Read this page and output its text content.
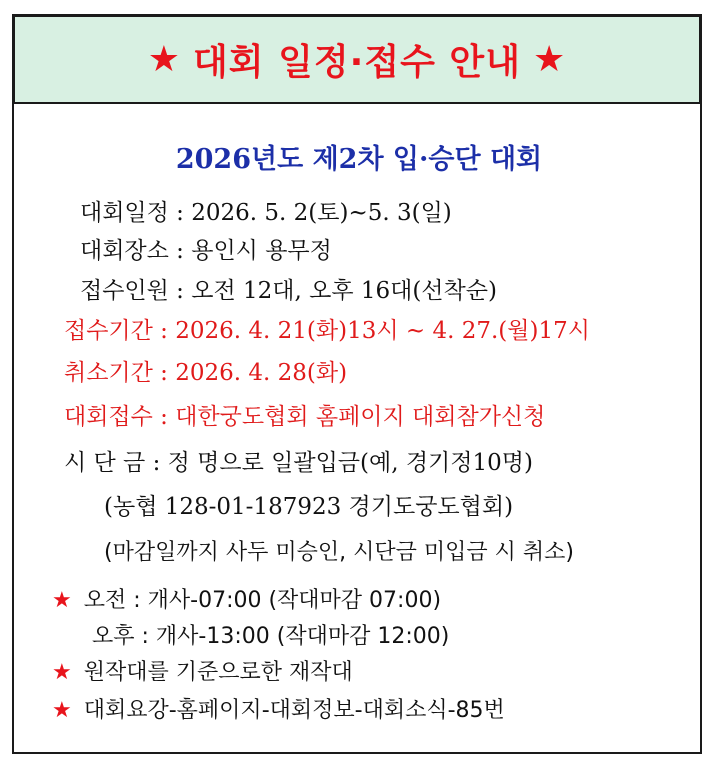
★ 대회 일정·접수 안내 ★
2026년도 제2차 입·승단 대회
대회일정 : 2026. 5. 2(토)~5. 3(일)
대회장소 : 용인시 용무정
접수인원 : 오전 12대, 오후 16대(선착순)
접수기간 : 2026. 4. 21(화)13시 ~ 4. 27.(월)17시
취소기간 : 2026. 4. 28(화)
대회접수 : 대한궁도협회 홈페이지 대회참가신청
시 단 금 : 정 명으로 일괄입금(예, 경기정10명)
(농협 128-01-187923 경기도궁도협회)
(마감일까지 사두 미승인, 시단금 미입금 시 취소)
★ 오전 : 개사-07:00 (작대마감 07:00)
오후 : 개사-13:00 (작대마감 12:00)
★ 원작대를 기준으로한 재작대
★ 대회요강-홈페이지-대회정보-대회소식-85번
